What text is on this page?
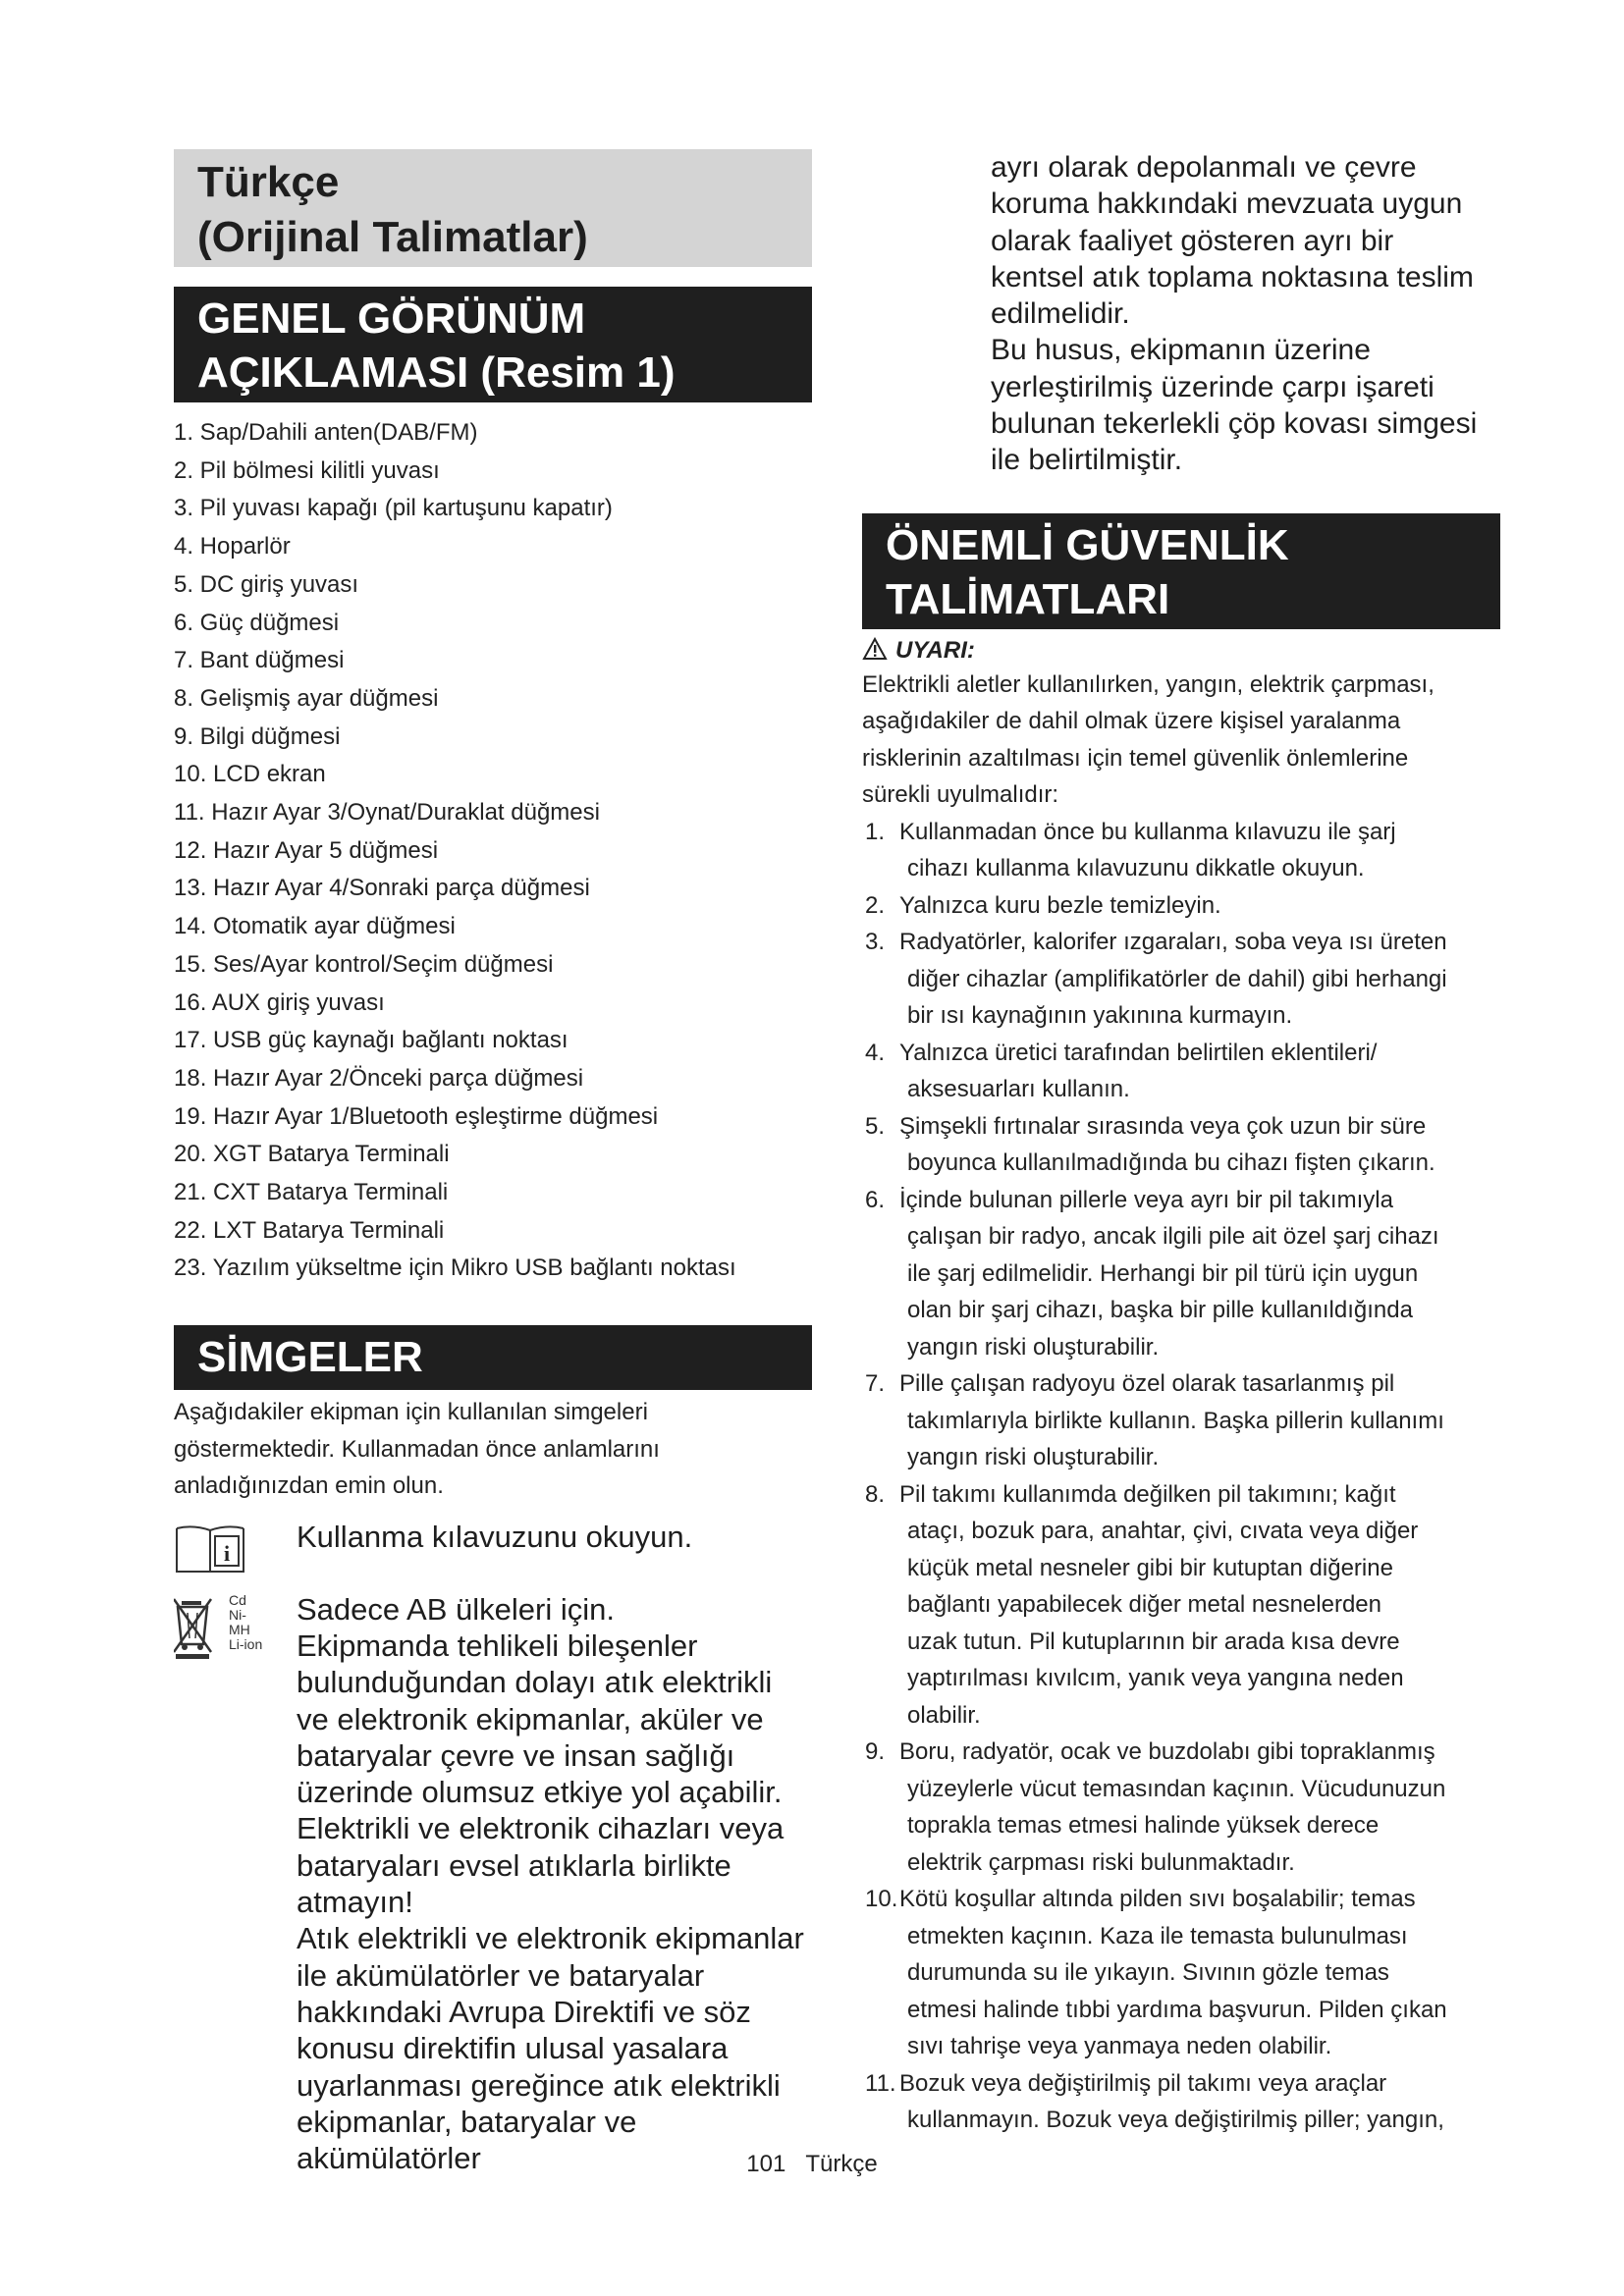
Türkçe
(Orijinal Talimatlar)
GENEL GÖRÜNÜM
AÇIKLAMASI (Resim 1)
1. Sap/Dahili anten(DAB/FM)
2. Pil bölmesi kilitli yuvası
3. Pil yuvası kapağı (pil kartuşunu kapatır)
4. Hoparlör
5. DC giriş yuvası
6. Güç düğmesi
7. Bant düğmesi
8. Gelişmiş ayar düğmesi
9. Bilgi düğmesi
10. LCD ekran
11. Hazır Ayar 3/Oynat/Duraklat düğmesi
12. Hazır Ayar 5 düğmesi
13. Hazır Ayar 4/Sonraki parça düğmesi
14. Otomatik ayar düğmesi
15. Ses/Ayar kontrol/Seçim düğmesi
16. AUX giriş yuvası
17. USB güç kaynağı bağlantı noktası
18. Hazır Ayar 2/Önceki parça düğmesi
19. Hazır Ayar 1/Bluetooth eşleştirme düğmesi
20. XGT Batarya Terminali
21. CXT Batarya Terminali
22. LXT Batarya Terminali
23. Yazılım yükseltme için Mikro USB bağlantı noktası
SİMGELER
Aşağıdakiler ekipman için kullanılan simgeleri
göstermektedir. Kullanmadan önce anlamlarını
anladığınızdan emin olun.
i Kullanma kılavuzunu okuyun.
Cd
Ni-MH
Li-ion
Sadece AB ülkeleri için.
Ekipmanda tehlikeli bileşenler
bulunduğundan dolayı atık elektrikli
ve elektronik ekipmanlar, aküler ve
bataryalar çevre ve insan sağlığı
üzerinde olumsuz etkiye yol açabilir.
Elektrikli ve elektronik cihazları veya
bataryaları evsel atıklarla birlikte
atmayın!
Atık elektrikli ve elektronik ekipmanlar
ile akümülatörler ve bataryalar
hakkındaki Avrupa Direktifi ve söz
konusu direktifin ulusal yasalara
uyarlanması gereğince atık elektrikli
ekipmanlar, bataryalar ve akümülatörler
ayrı olarak depolanmalı ve çevre
koruma hakkındaki mevzuata uygun
olarak faaliyet gösteren ayrı bir
kentsel atık toplama noktasına teslim
edilmelidir.
Bu husus, ekipmanın üzerine
yerleştirilmiş üzerinde çarpı işareti
bulunan tekerlekli çöp kovası simgesi
ile belirtilmiştir.
ÖNEMLİ GÜVENLİK
TALİMATLARI
UYARI:
Elektrikli aletler kullanılırken, yangın, elektrik çarpması,
aşağıdakiler de dahil olmak üzere kişisel yaralanma
risklerinin azaltılması için temel güvenlik önlemlerine
sürekli uyulmalıdır:
1. Kullanmadan önce bu kullanma kılavuzu ile şarj
cihazı kullanma kılavuzunu dikkatle okuyun.
2. Yalnızca kuru bezle temizleyin.
3. Radyatörler, kalorifer ızgaraları, soba veya ısı üreten
diğer cihazlar (amplifikatörler de dahil) gibi herhangi
bir ısı kaynağının yakınına kurmayın.
4. Yalnızca üretici tarafından belirtilen eklentileri/
aksesuarları kullanın.
5. Şimşekli fırtınalar sırasında veya çok uzun bir süre
boyunca kullanılmadığında bu cihazı fişten çıkarın.
6. İçinde bulunan pillerle veya ayrı bir pil takımıyla
çalışan bir radyo, ancak ilgili pile ait özel şarj cihazı
ile şarj edilmelidir. Herhangi bir pil türü için uygun
olan bir şarj cihazı, başka bir pille kullanıldığında
yangın riski oluşturabilir.
7. Pille çalışan radyoyu özel olarak tasarlanmış pil
takımlarıyla birlikte kullanın. Başka pillerin kullanımı
yangın riski oluşturabilir.
8. Pil takımı kullanımda değilken pil takımını; kağıt
ataçı, bozuk para, anahtar, çivi, cıvata veya diğer
küçük metal nesneler gibi bir kutuptan diğerine
bağlantı yapabilecek diğer metal nesnelerden
uzak tutun. Pil kutuplarının bir arada kısa devre
yaptırılması kıvılcım, yanık veya yangına neden
olabilir.
9. Boru, radyatör, ocak ve buzdolabı gibi topraklanmış
yüzeylerle vücut temasından kaçının. Vücudunuzun
toprakla temas etmesi halinde yüksek derece
elektrik çarpması riski bulunmaktadır.
10. Kötü koşullar altında pilden sıvı boşalabilir; temas
etmekten kaçının. Kaza ile temasta bulunulması
durumunda su ile yıkayın. Sıvının gözle temas
etmesi halinde tıbbi yardıma başvurun. Pilden çıkan
sıvı tahrişe veya yanmaya neden olabilir.
11. Bozuk veya değiştirilmiş pil takımı veya araçlar
kullanmayın. Bozuk veya değiştirilmiş piller; yangın,
101 Türkçe
